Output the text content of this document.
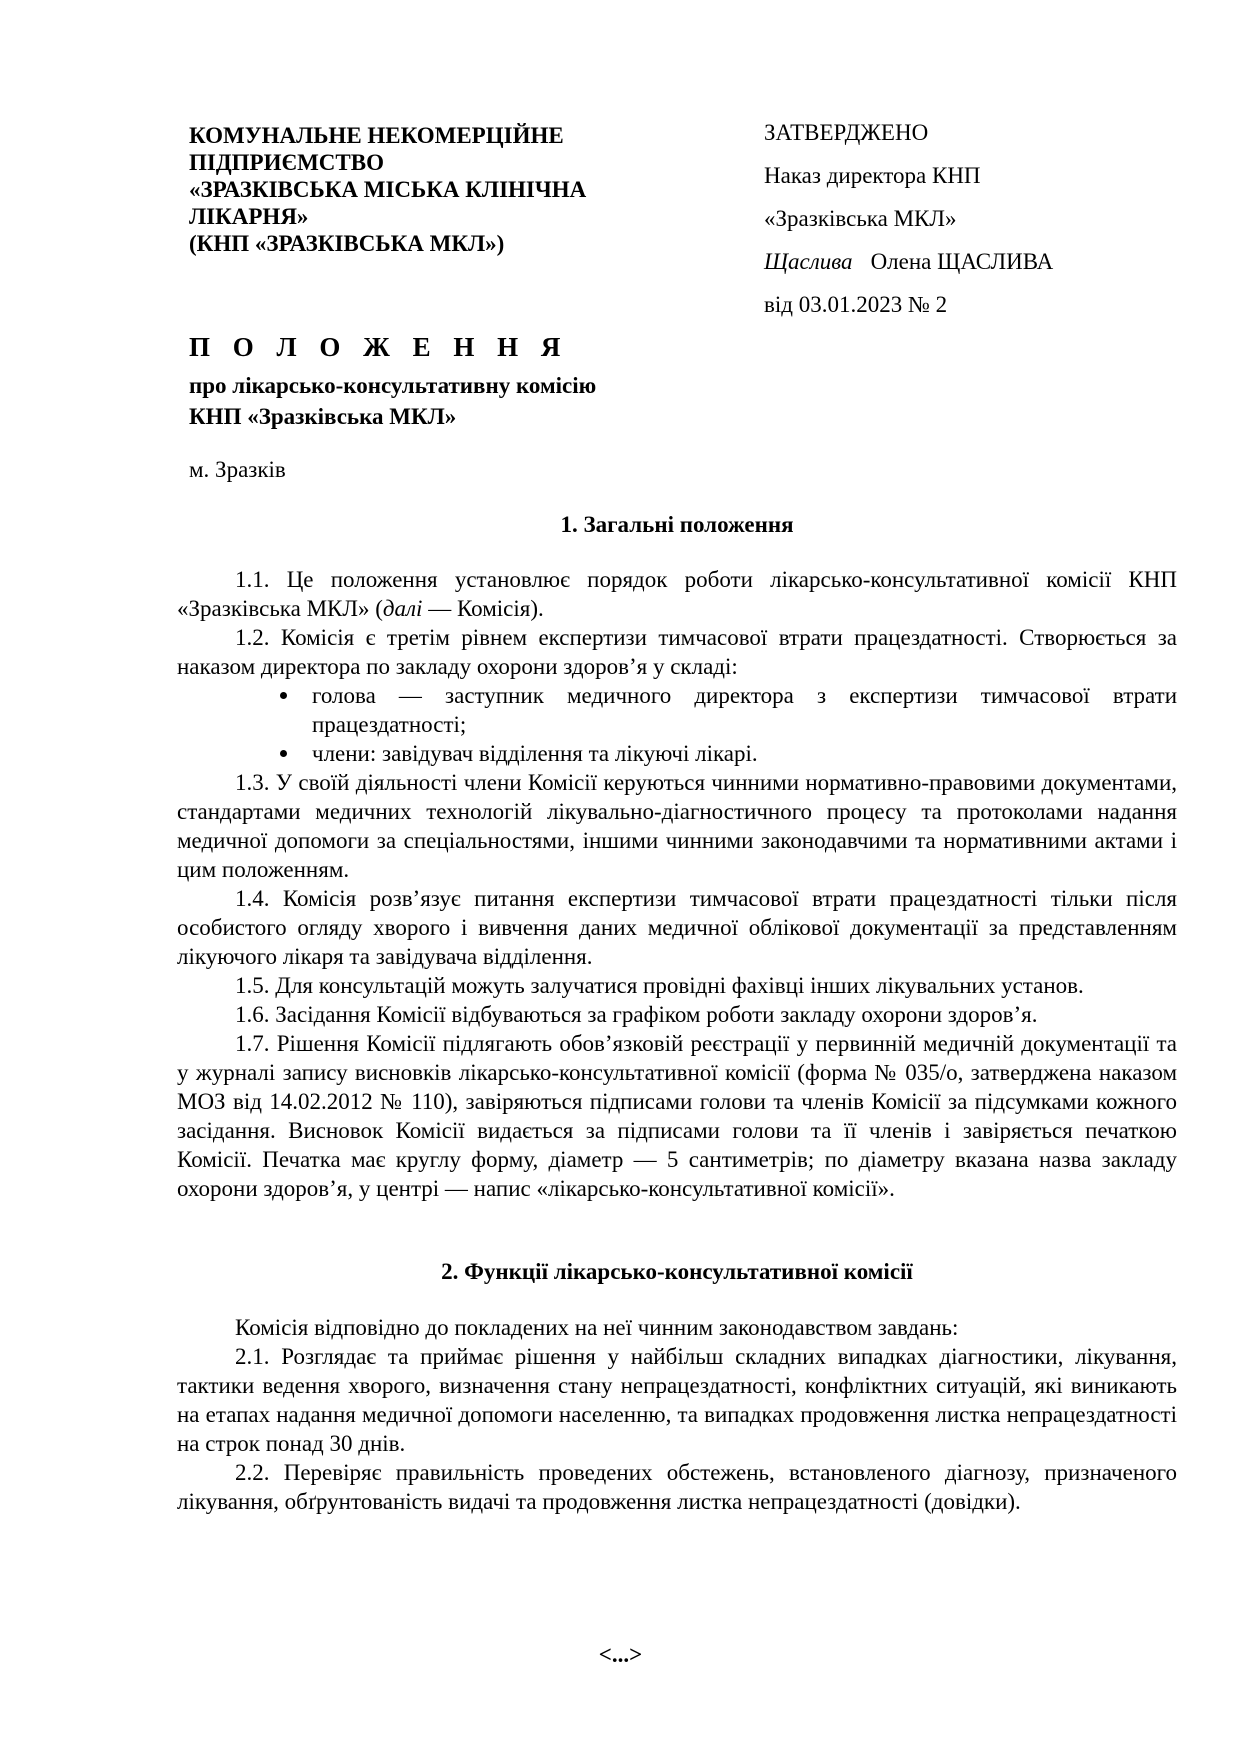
КОМУНАЛЬНЕ НЕКОМЕРЦІЙНЕ
ПІДПРИЄМСТВО
«ЗРАЗКІВСЬКА МІСЬКА КЛІНІЧНА
ЛІКАРНЯ»
(КНП «ЗРАЗКІВСЬКА МКЛ»)
ЗАТВЕРДЖЕНО
Наказ директора КНП
«Зразківська МКЛ»
Щаслива Олена ЩАСЛИВА
від 03.01.2023 № 2
П О Л О Ж Е Н Н Я
про лікарсько-консультативну комісію
КНП «Зразківська МКЛ»
м. Зразків
1. Загальні положення

1.1. Це положення установлює порядок роботи лікарсько-консультативної комісії КНП «Зразківська МКЛ» (далі — Комісія).

1.2. Комісія є третім рівнем експертизи тимчасової втрати працездатності. Створюється за наказом директора по закладу охорони здоров’я у складі:

голова — заступник медичного директора з експертизи тимчасової втрати працездатності;
члени: завідувач відділення та лікуючі лікарі.

1.3. У своїй діяльності члени Комісії керуються чинними нормативно-правовими документами, стандартами медичних технологій лікувально-діагностичного процесу та протоколами надання медичної допомоги за спеціальностями, іншими чинними законодавчими та нормативними актами і цим положенням.

1.4. Комісія розв’язує питання експертизи тимчасової втрати працездатності тільки після особистого огляду хворого і вивчення даних медичної облікової документації за представленням лікуючого лікаря та завідувача відділення.

1.5. Для консультацій можуть залучатися провідні фахівці інших лікувальних установ.

1.6. Засідання Комісії відбуваються за графіком роботи закладу охорони здоров’я.

1.7. Рішення Комісії підлягають обов’язковій реєстрації у первинній медичній документації та у журналі запису висновків лікарсько-консультативної комісії (форма № 035/о, затверджена наказом МОЗ від 14.02.2012 № 110), завіряються підписами голови та членів Комісії за підсумками кожного засідання. Висновок Комісії видається за підписами голови та її членів і завіряється печаткою Комісії. Печатка має круглу форму, діаметр — 5 сантиметрів; по діаметру вказана назва закладу охорони здоров’я, у центрі — напис «лікарсько-консультативної комісії».

2. Функції лікарсько-консультативної комісії

Комісія відповідно до покладених на неї чинним законодавством завдань:

2.1. Розглядає та приймає рішення у найбільш складних випадках діагностики, лікування, тактики ведення хворого, визначення стану непрацездатності, конфліктних ситуацій, які виникають на етапах надання медичної допомоги населенню, та випадках продовження листка непрацездатності на строк понад 30 днів.

2.2. Перевіряє правильність проведених обстежень, встановленого діагнозу, призначеного лікування, обґрунтованість видачі та продовження листка непрацездатності (довідки).

<...>
